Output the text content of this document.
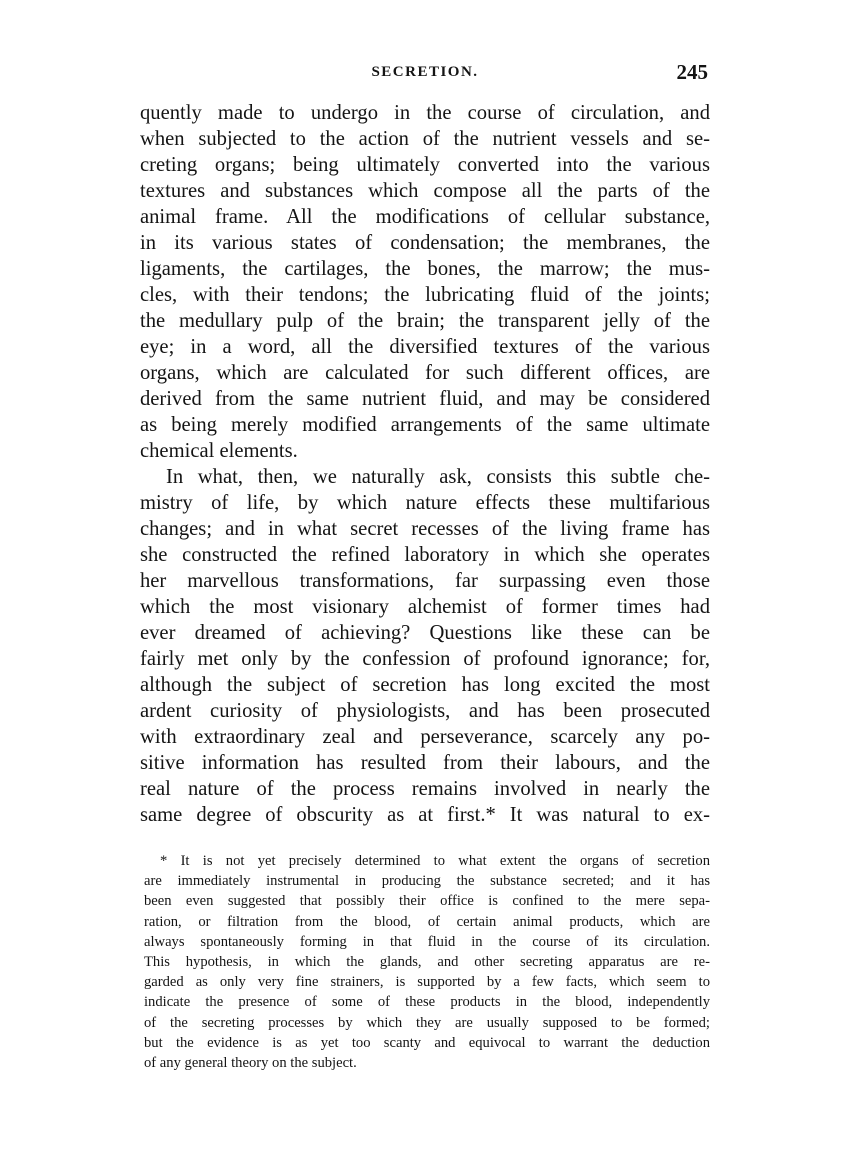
SECRETION.	245
quently made to undergo in the course of circulation, and
when subjected to the action of the nutrient vessels and se-
creting organs; being ultimately converted into the various
textures and substances which compose all the parts of the
animal frame. All the modifications of cellular substance,
in its various states of condensation; the membranes, the
ligaments, the cartilages, the bones, the marrow; the mus-
cles, with their tendons; the lubricating fluid of the joints;
the medullary pulp of the brain; the transparent jelly of the
eye; in a word, all the diversified textures of the various
organs, which are calculated for such different offices, are
derived from the same nutrient fluid, and may be considered
as being merely modified arrangements of the same ultimate
chemical elements.
In what, then, we naturally ask, consists this subtle che-
mistry of life, by which nature effects these multifarious
changes; and in what secret recesses of the living frame has
she constructed the refined laboratory in which she operates
her marvellous transformations, far surpassing even those
which the most visionary alchemist of former times had
ever dreamed of achieving? Questions like these can be
fairly met only by the confession of profound ignorance; for,
although the subject of secretion has long excited the most
ardent curiosity of physiologists, and has been prosecuted
with extraordinary zeal and perseverance, scarcely any po-
sitive information has resulted from their labours, and the
real nature of the process remains involved in nearly the
same degree of obscurity as at first.* It was natural to ex-
* It is not yet precisely determined to what extent the organs of secretion
are immediately instrumental in producing the substance secreted; and it has
been even suggested that possibly their office is confined to the mere sepa-
ration, or filtration from the blood, of certain animal products, which are
always spontaneously forming in that fluid in the course of its circulation.
This hypothesis, in which the glands, and other secreting apparatus are re-
garded as only very fine strainers, is supported by a few facts, which seem to
indicate the presence of some of these products in the blood, independently
of the secreting processes by which they are usually supposed to be formed;
but the evidence is as yet too scanty and equivocal to warrant the deduction
of any general theory on the subject.
